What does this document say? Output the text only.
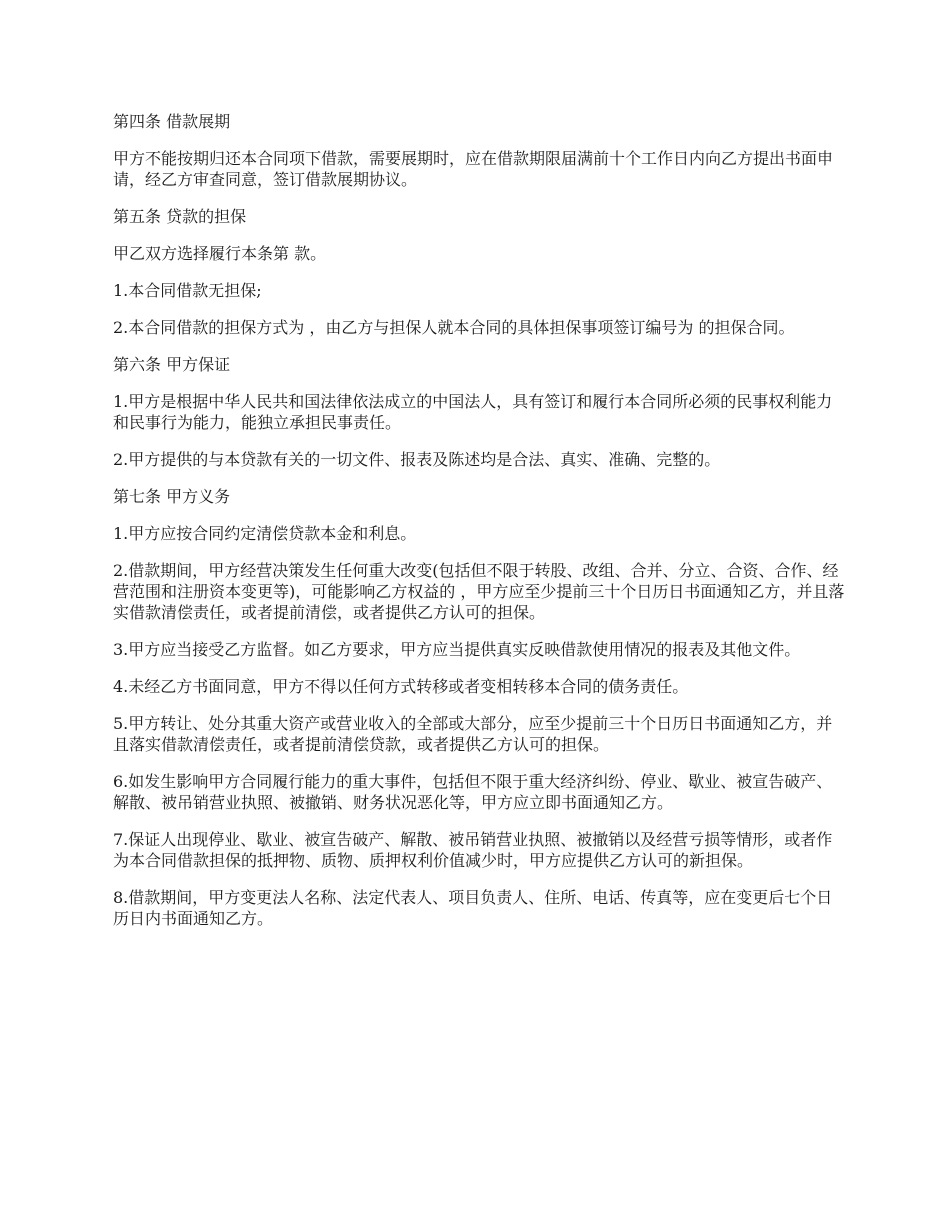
第四条 借款展期

甲方不能按期归还本合同项下借款，需要展期时，应在借款期限届满前十个工作日内向乙方提出书面申请，经乙方审查同意，签订借款展期协议。

第五条 贷款的担保

甲乙双方选择履行本条第 款。

1.本合同借款无担保;

2.本合同借款的担保方式为 ，由乙方与担保人就本合同的具体担保事项签订编号为 的担保合同。

第六条 甲方保证

1.甲方是根据中华人民共和国法律依法成立的中国法人，具有签订和履行本合同所必须的民事权利能力和民事行为能力，能独立承担民事责任。

2.甲方提供的与本贷款有关的一切文件、报表及陈述均是合法、真实、准确、完整的。

第七条 甲方义务

1.甲方应按合同约定清偿贷款本金和利息。

2.借款期间，甲方经营决策发生任何重大改变(包括但不限于转股、改组、合并、分立、合资、合作、经营范围和注册资本变更等)，可能影响乙方权益的 ，甲方应至少提前三十个日历日书面通知乙方，并且落实借款清偿责任，或者提前清偿，或者提供乙方认可的担保。

3.甲方应当接受乙方监督。如乙方要求，甲方应当提供真实反映借款使用情况的报表及其他文件。

4.未经乙方书面同意，甲方不得以任何方式转移或者变相转移本合同的债务责任。

5.甲方转让、处分其重大资产或营业收入的全部或大部分，应至少提前三十个日历日书面通知乙方，并且落实借款清偿责任，或者提前清偿贷款，或者提供乙方认可的担保。

6.如发生影响甲方合同履行能力的重大事件，包括但不限于重大经济纠纷、停业、歇业、被宣告破产、解散、被吊销营业执照、被撤销、财务状况恶化等，甲方应立即书面通知乙方。

7.保证人出现停业、歇业、被宣告破产、解散、被吊销营业执照、被撤销以及经营亏损等情形，或者作为本合同借款担保的抵押物、质物、质押权利价值减少时，甲方应提供乙方认可的新担保。

8.借款期间，甲方变更法人名称、法定代表人、项目负责人、住所、电话、传真等，应在变更后七个日历日内书面通知乙方。
